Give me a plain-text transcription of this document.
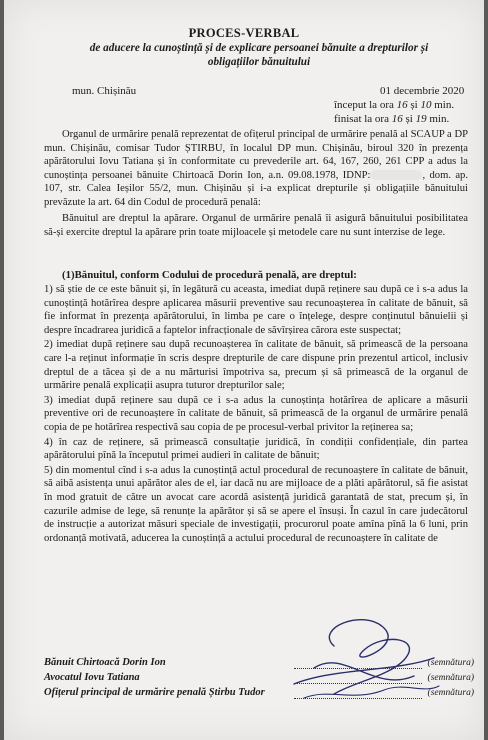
PROCES-VERBAL
de aducere la cunoștință și de explicare persoanei bănuite a drepturilor și
obligațiilor bănuitului
mun. Chișinău	01 decembrie 2020
început la ora 16 și 10 min.
finisat la ora 16 și 19 min.
Organul de urmărire penală reprezentat de ofițerul principal de urmărire penală al SCAUP a DP mun. Chișinău, comisar Tudor ȘTIRBU, în localul DP mun. Chișinău, biroul 320 în prezența apărătorului Iovu Tatiana și în conformitate cu prevederile art. 64, 167, 260, 261 CPP a adus la cunoștința persoanei bănuite Chirtoacă Dorin Ion, a.n. 09.08.1978, IDNP:	, dom. ap. 107, str. Calea Ieșilor 55/2, mun. Chișinău și i-a explicat drepturile și obligațiile bănuitului prevăzute la art. 64 din Codul de procedură penală:
Bănuitul are dreptul la apărare. Organul de urmărire penală îi asigură bănuitului posibilitatea să-și exercite dreptul la apărare prin toate mijloacele și metodele care nu sunt interzise de lege.
(1)Bănuitul, conform Codului de procedură penală, are dreptul:

1) să știe de ce este bănuit și, în legătură cu aceasta, imediat după reținere sau după ce i s-a adus la cunoștință hotărîrea despre aplicarea măsurii preventive sau recunoașterea în calitate de bănuit, să fie informat în prezența apărătorului, în limba pe care o înțelege, despre conținutul bănuielii și despre încadrarea juridică a faptelor infracționale de săvîrșirea cărora este suspectat;

2) imediat după reținere sau după recunoașterea în calitate de bănuit, să primească de la persoana care l-a reținut informație în scris despre drepturile de care dispune prin prezentul articol, inclusiv dreptul de a tăcea și de a nu mărturisi împotriva sa, precum și să primească de la organul de urmărire penală explicații asupra tuturor drepturilor sale;

3) imediat după reținere sau după ce i s-a adus la cunoștința hotărîrea de aplicare a măsurii preventive ori de recunoaștere în calitate de bănuit, să primească de la organul de urmărire penală copia de pe hotărîrea respectivă sau copia de pe procesul-verbal privitor la reținerea sa;

4) în caz de reținere, să primească consultație juridică, în condiții confidențiale, din partea apărătorului pînă la începutul primei audieri în calitate de bănuit;

5) din momentul cînd i s-a adus la cunoștință actul procedural de recunoaștere în calitate de bănuit, să aibă asistența unui apărător ales de el, iar dacă nu are mijloace de a plăti apărătorul, să fie asistat în mod gratuit de către un avocat care acordă asistență juridică garantată de stat, precum și, în cazurile admise de lege, să renunțe la apărător și să se apere el însuși. În cazul în care judecătorul de instrucție a autorizat măsuri speciale de investigații, procurorul poate amîna pînă la 6 luni, prin ordonanță motivată, aducerea la cunoștință a actului procedural de recunoaștere în calitate de

Bănuit Chirtoacă Dorin Ion	(semnătura)
Avocatul Iovu Tatiana	(semnătura)
Ofițerul principal de urmărire penală Știrbu Tudor	(semnătura)
